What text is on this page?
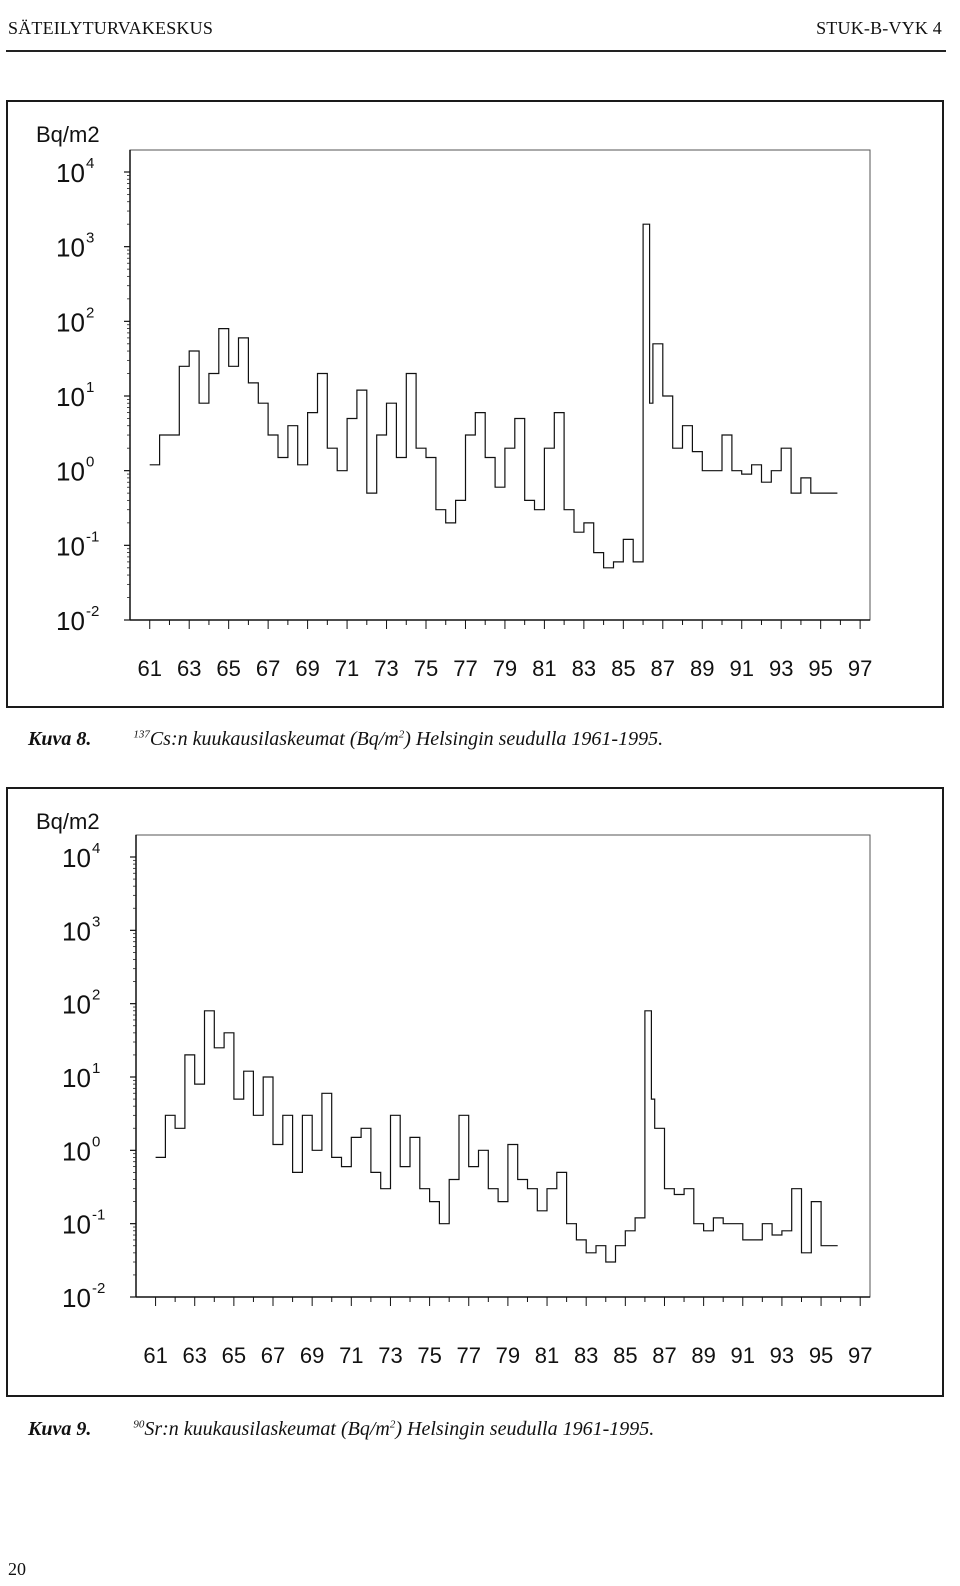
SÄTEILYTURVAKESKUS	STUK-B-VYK 4
Bq/m2
10 -2
10 -1
10 0
10 1
10 2
10 3
10 4
61 63 65 67 69 71 73 75 77 79 81 83 85 87 89 91 93 95 97
Kuva 8.	$^{137}$Cs:n kuukausilaskeumat $(Bq/m^2)$ Helsingin seudulla 1961-1995.
Bq/m2
10 -2
10 -1
10 0
10 1
10 2
10 3
10 4
61 63 65 67 69 71 73 75 77 79 81 83 85 87 89 91 93 95 97
Kuva 9.	$^{90}$Sr:n kuukausilaskeumat $(Bq/m^2)$ Helsingin seudulla 1961-1995.
20
